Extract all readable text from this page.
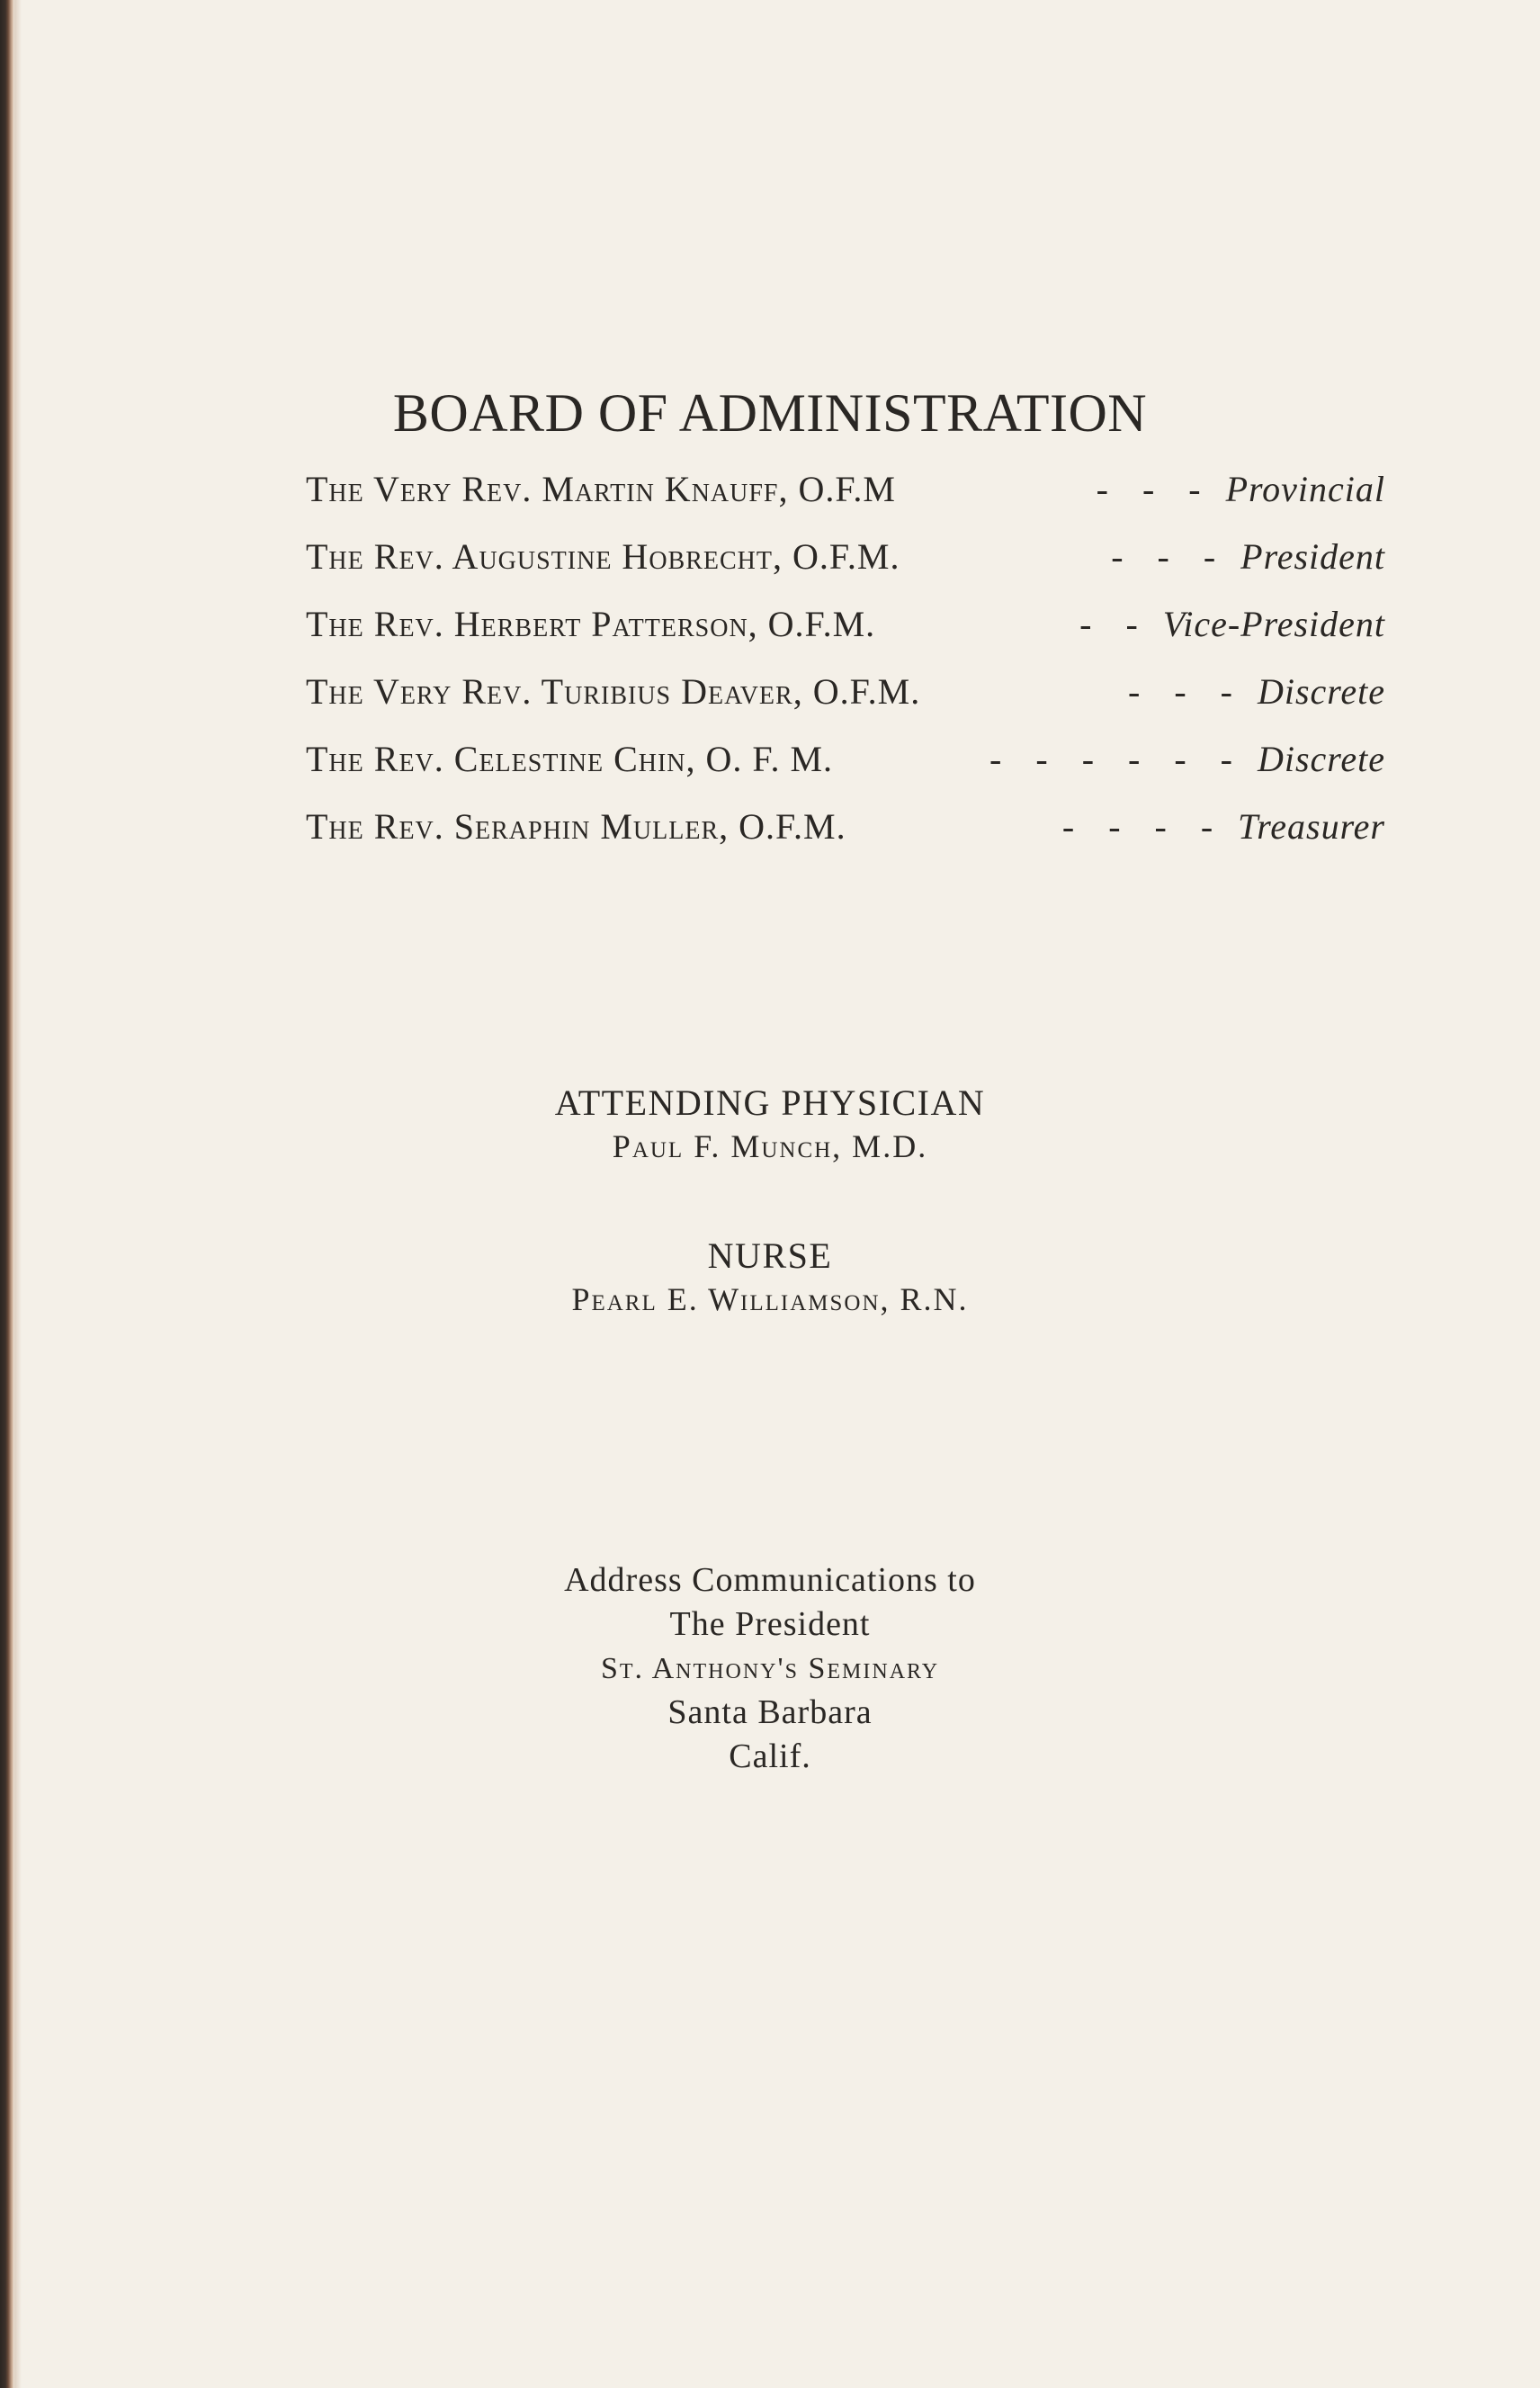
BOARD OF ADMINISTRATION
The Very Rev. Martin Knauff, O.F.M	- - - Provincial
The Rev. Augustine Hobrecht, O.F.M.	- - - President
The Rev. Herbert Patterson, O.F.M.	- - Vice-President
The Very Rev. Turibius Deaver, O.F.M.	- - - Discrete
The Rev. Celestine Chin, O. F. M.	- - - - - - Discrete
The Rev. Seraphin Muller, O.F.M.	- - - - Treasurer
ATTENDING PHYSICIAN
Paul F. Munch, M.D.
NURSE
Pearl E. Williamson, R.N.
Address Communications to
The President
St. Anthony's Seminary
Santa Barbara
Calif.
